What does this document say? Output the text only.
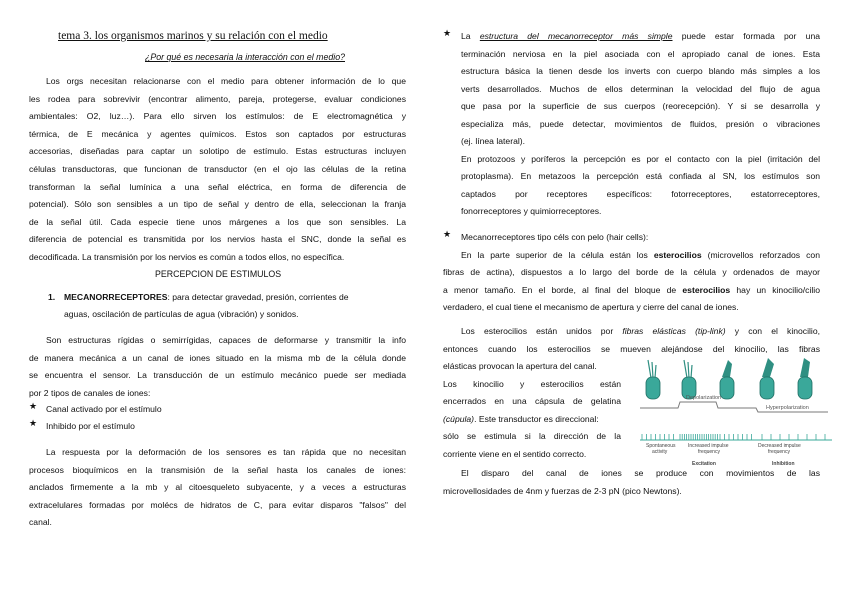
tema 3. los organismos marinos y su relación con el medio
¿Por qué es necesaria la interacción con el medio?
Los orgs necesitan relacionarse con el medio para obtener información de lo que
les rodea para sobrevivir (encontrar alimento, pareja, protegerse, evaluar condiciones
ambientales: O2, luz…). Para ello sirven los estímulos: de E electromagnética y
térmica, de E mecánica y agentes químicos. Estos son captados por estructuras
accesorias, diseñadas para captar un solotipo de estímulo. Estas estructuras incluyen
células transductoras, que funcionan de transductor (en el ojo las células de la retina
transforman la señal lumínica a una señal eléctrica, en forma de diferencia de
potencial). Sólo son sensibles a un tipo de señal y dentro de ella, seleccionan la franja
de la señal útil. Cada especie tiene unos márgenes a los que son sensibles. La
diferencia de potencial es transmitida por los nervios hasta el SNC, donde la señal es
decodificada. La transmisión por los nervios es común a todos ellos, no específica.
PERCEPCION DE ESTIMULOS
1. MECANORRECEPTORES: para detectar gravedad, presión, corrientes de
aguas, oscilación de partículas de agua (vibración) y sonidos.
Son estructuras rígidas o semirrígidas, capaces de deformarse y transmitir la info
de manera mecánica a un canal de iones situado en la misma mb de la célula donde
se encuentra el sensor. La transducción de un estímulo mecánico puede ser mediada
por 2 tipos de canales de iones:
★ Canal activado por el estímulo
★ Inhibido por el estímulo
La respuesta por la deformación de los sensores es tan rápida que no necesitan
procesos bioquímicos en la transmisión de la señal hasta los canales de iones:
anclados firmemente a la mb y al citoesqueleto subyacente, y a veces a estructuras
extracelulares formadas por molécs de hidratos de C, para evitar disparos "falsos" del
canal.
★ La estructura del mecanorreceptor más simple puede estar formada por una
terminación nerviosa en la piel asociada con el apropiado canal de iones. Esta
estructura básica la tienen desde los inverts con cuerpo blando más simples a los
verts desarrollados. Muchos de ellos determinan la velocidad del flujo de agua
que pasa por la superficie de sus cuerpos (reorecepción). Y si se desarrolla y
especializa más, puede detectar, movimientos de fluidos, presión o vibraciones
(ej. línea lateral).
En protozoos y poríferos la percepción es por el contacto con la piel (irritación del
protoplasma). En metazoos la percepción está confiada al SN, los estímulos son
captados por receptores específicos: fotorreceptores, estatorreceptores,
fonorreceptores y quimiorreceptores.
★ Mecanorreceptores tipo céls con pelo (hair cells):
En la parte superior de la célula están los esterocilios (microvellos reforzados con
fibras de actina), dispuestos a lo largo del borde de la célula y ordenados de mayor
a menor tamaño. En el borde, al final del bloque de esterocilios hay un kinocilio/cilio
verdadero, el cual tiene el mecanismo de apertura y cierre del canal de iones.
Los esterocilios están unidos por fibras elásticas (tip-link) y con el kinocilio,
entonces cuando los esterocilios se mueven alejándose del kinocilio, las fibras
elásticas provocan la apertura del canal.
Los kinocilio y esterocilios están
encerrados en una cápsula de gelatina
(cúpula). Este transductor es direccional:
sólo se estimula si la dirección de la
corriente viene en el sentido correcto.
Depolarization
Hyperpolarization
Spontaneous
activity
Increased impulse
frequency
Decreased impulse
frequency
Excitation	Inhibition
El disparo del canal de iones se produce con movimientos de las
microvellosidades de 4nm y fuerzas de 2-3 pN (pico Newtons).
